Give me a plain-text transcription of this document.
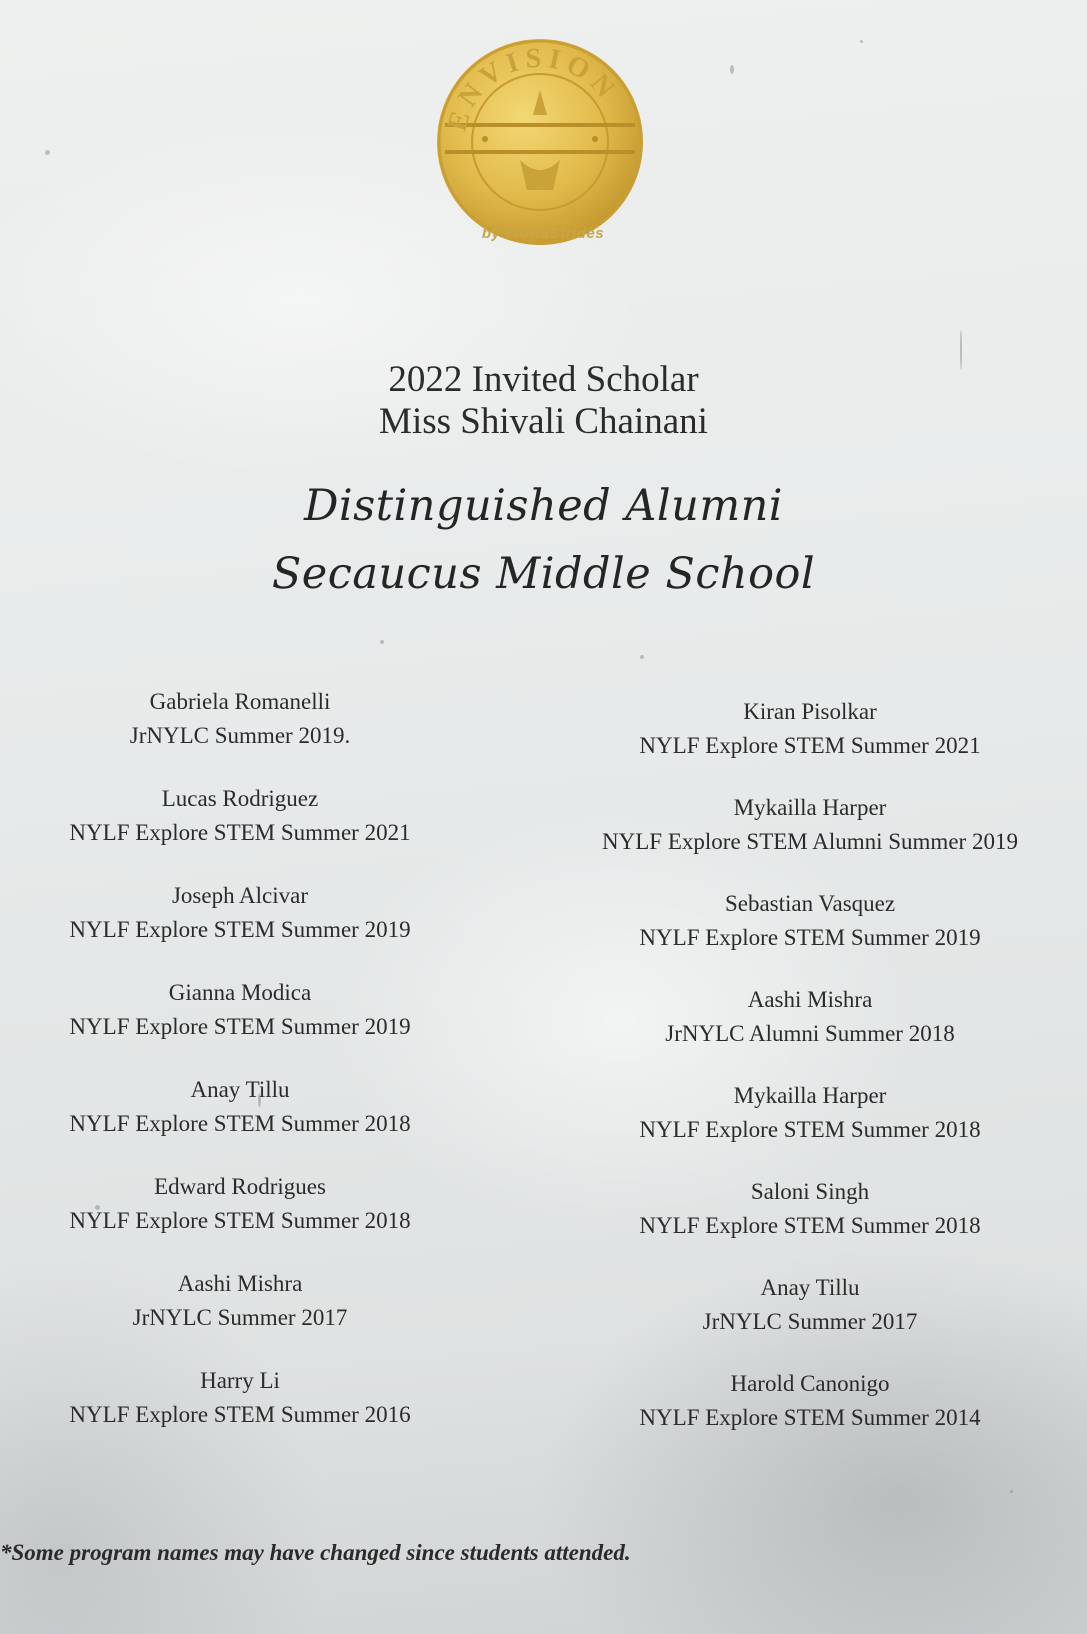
ENVISION
by WorldStrides
2022 Invited Scholar
Miss Shivali Chainani
Distinguished Alumni
Secaucus Middle School
Gabriela Romanelli
JrNYLC Summer 2019.
Lucas Rodriguez
NYLF Explore STEM Summer 2021
Joseph Alcivar
NYLF Explore STEM Summer 2019
Gianna Modica
NYLF Explore STEM Summer 2019
Anay Tillu
NYLF Explore STEM Summer 2018
Edward Rodrigues
NYLF Explore STEM Summer 2018
Aashi Mishra
JrNYLC Summer 2017
Harry Li
NYLF Explore STEM Summer 2016
Kiran Pisolkar
NYLF Explore STEM Summer 2021
Mykailla Harper
NYLF Explore STEM Alumni Summer 2019
Sebastian Vasquez
NYLF Explore STEM Summer 2019
Aashi Mishra
JrNYLC Alumni Summer 2018
Mykailla Harper
NYLF Explore STEM Summer 2018
Saloni Singh
NYLF Explore STEM Summer 2018
Anay Tillu
JrNYLC Summer 2017
Harold Canonigo
NYLF Explore STEM Summer 2014
*Some program names may have changed since students attended.
